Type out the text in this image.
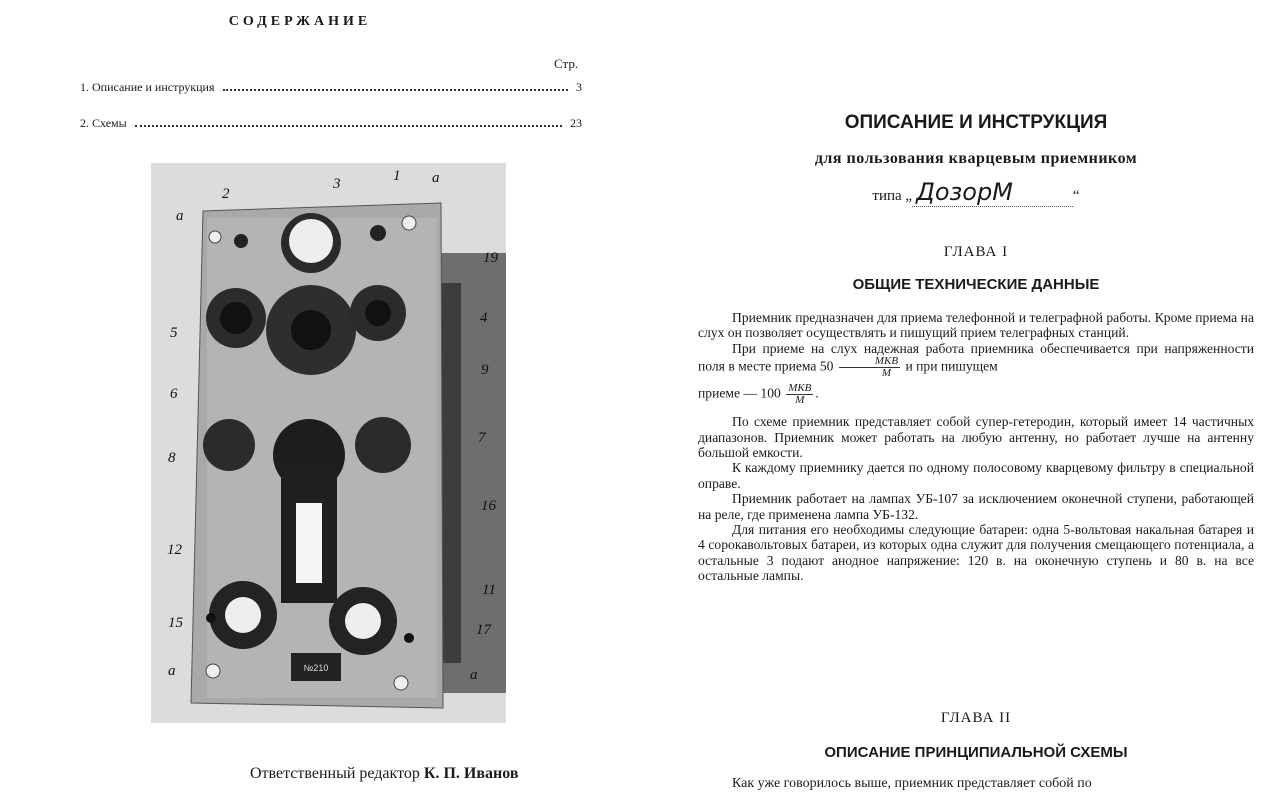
СОДЕРЖАНИЕ
Стр.
1. Описание и инструкция	3
2. Схемы	23
№210
а
2
3	1 а
19
5
4
6
9
8
7
16
12
11
15	17
а	а
Ответственный редактор К. П. Иванов
ОПИСАНИЕ И ИНСТРУКЦИЯ
для пользования кварцевым приемником
типа „ ДозорМ	“
ГЛАВА I
ОБЩИЕ ТЕХНИЧЕСКИЕ ДАННЫЕ

Приемник предназначен для приема телефонной и телеграфной работы. Кроме приема на слух он позволяет осуществлять и пишущий прием телеграфных станций.

При приеме на слух надежная работа приемника обеспечивается при напряженности поля в месте приема $50 \frac{\text{МКВ}}{М}$ и при пишущем

приеме — $100 \frac{\text{МКВ}}{М}$ .

По схеме приемник представляет собой супер-гетеродин, который имеет 14 частичных диапазонов. Приемник может работать на любую антенну, но работает лучше на антенну большой емкости.

К каждому приемнику дается по одному полосовому кварцевому фильтру в специальной оправе.

Приемник работает на лампах УБ-107 за исключением оконечной ступени, работающей на реле, где применена лампа УБ-132.

Для питания его необходимы следующие батареи: одна 5-вольтовая накальная батарея и 4 сорокавольтовых батареи, из которых одна служит для получения смещающего потенциала, а остальные 3 подают анодное напряжение: 120 в. на оконечную ступень и 80 в. на все остальные лампы.

ГЛАВА II
ОПИСАНИЕ ПРИНЦИПИАЛЬНОЙ СХЕМЫ
Как уже говорилось выше, приемник представляет собой по
